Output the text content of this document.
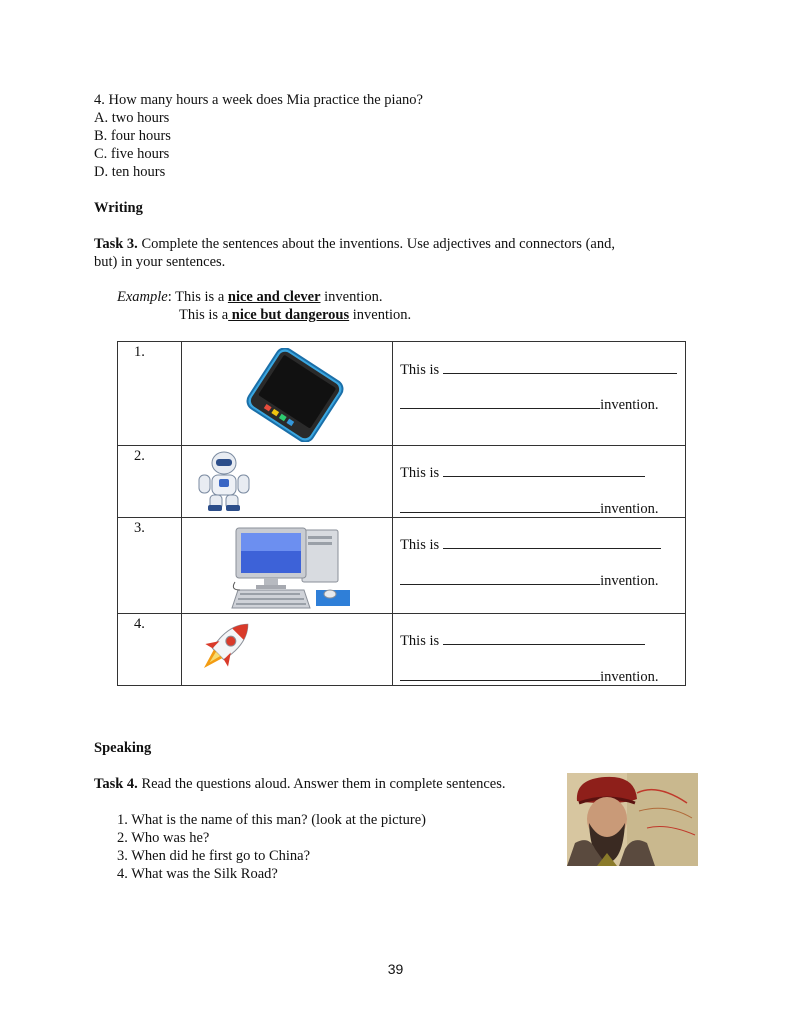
4. How many hours a week does Mia practice the piano?
A. two hours
B. four hours
C. five hours
D. ten hours
Writing
Task 3. Complete the sentences about the inventions. Use adjectives and connectors (and,
but) in your sentences.
Example: This is a nice and clever invention.
This is a nice but dangerous invention.
1.		This is
invention.

2.		This is
invention.

3.		This is
invention.

4.		This is
invention.
Speaking
Task 4. Read the questions aloud. Answer them in complete sentences.
1. What is the name of this man? (look at the picture)
2. Who was he?
3. When did he first go to China?
4. What was the Silk Road?
39
